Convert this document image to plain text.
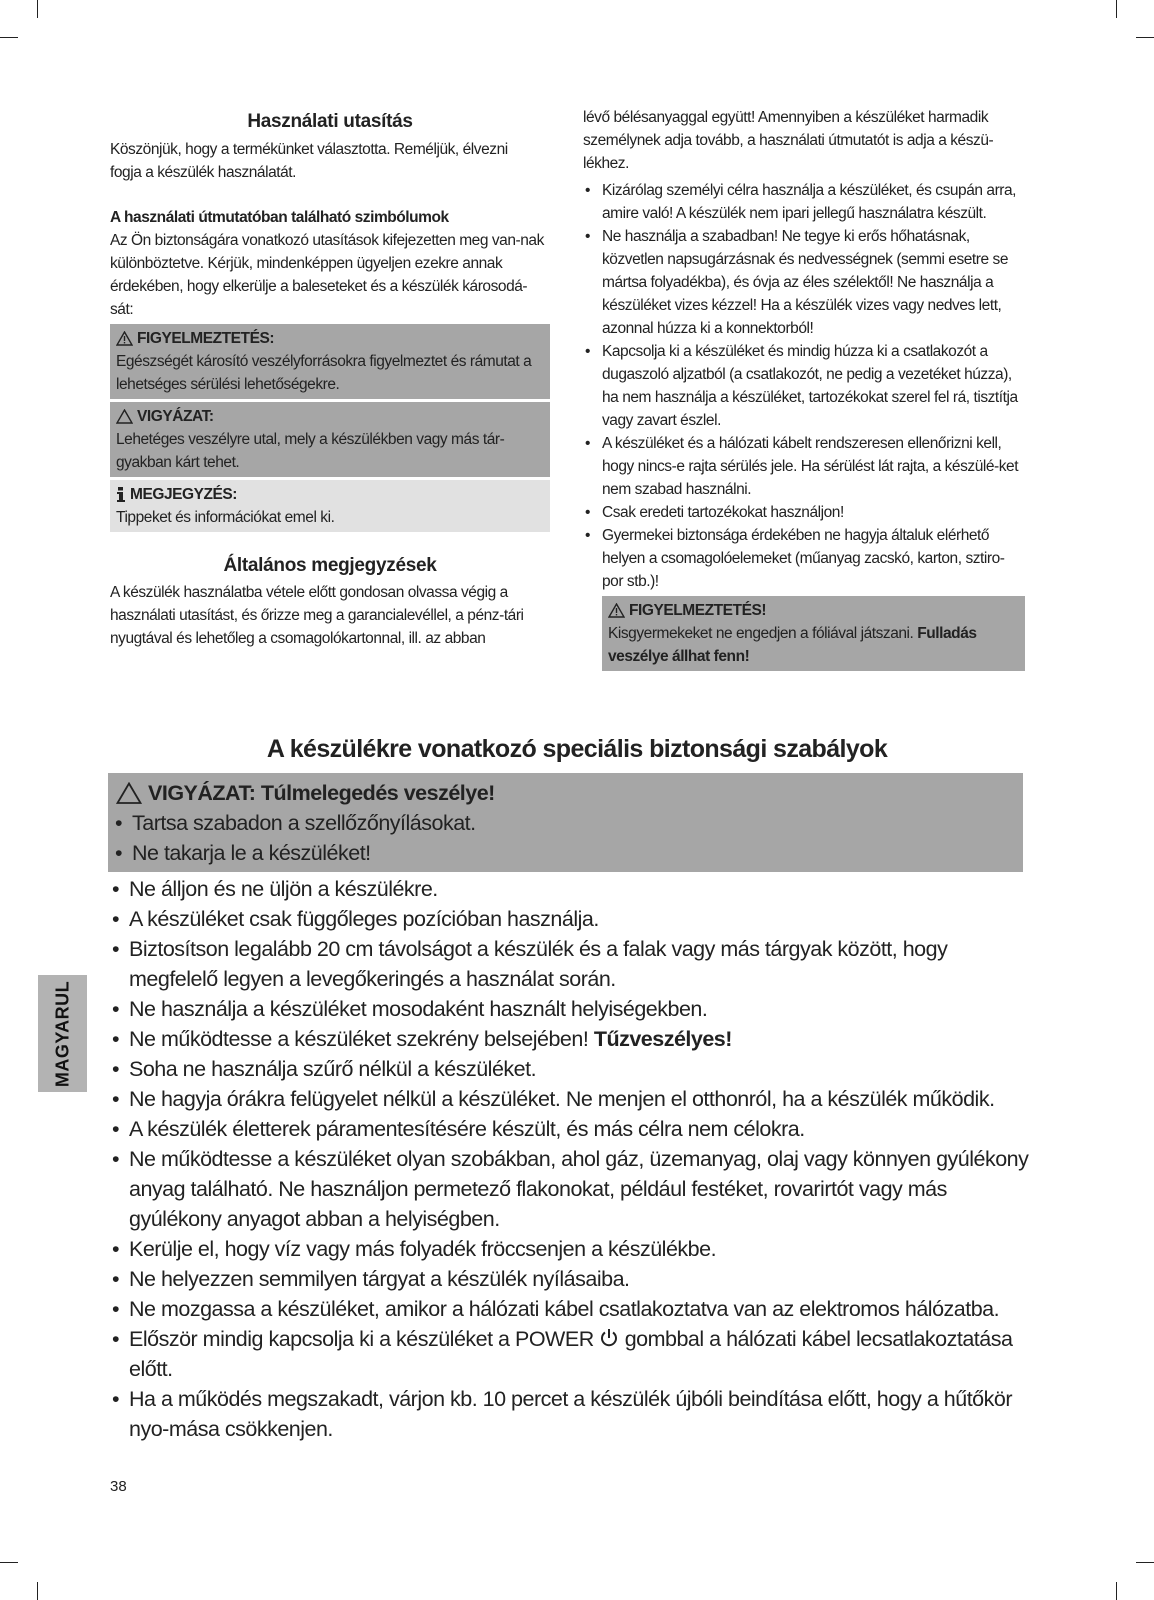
Használati utasítás

Köszönjük, hogy a termékünket választotta. Reméljük, élvezni fogja a készülék használatát.

A használati útmutatóban található szimbólumok

Az Ön biztonságára vonatkozó utasítások kifejezetten meg van-nak különböztetve. Kérjük, mindenképpen ügyeljen ezekre annak érdekében, hogy elkerülje a baleseteket és a készülék károsodá-sát:

FIGYELMEZTETÉS:

Egészségét károsító veszélyforrásokra figyelmeztet és rámutat a lehetséges sérülési lehetőségekre.

VIGYÁZAT:

Lehetéges veszélyre utal, mely a készülékben vagy más tár-gyakban kárt tehet.

MEGJEGYZÉS:

Tippeket és információkat emel ki.

Általános megjegyzések

A készülék használatba vétele előtt gondosan olvassa végig a használati utasítást, és őrizze meg a garancialevéllel, a pénz-tári nyugtával és lehetőleg a csomagolókartonnal, ill. az abban

lévő bélésanyaggal együtt! Amennyiben a készüléket harmadik személynek adja tovább, a használati útmutatót is adja a készü-lékhez.

• Kizárólag személyi célra használja a készüléket, és csupán arra, amire való! A készülék nem ipari jellegű használatra készült.
• Ne használja a szabadban! Ne tegye ki erős hőhatásnak, közvetlen napsugárzásnak és nedvességnek (semmi esetre se mártsa folyadékba), és óvja az éles szélektől! Ne használja a készüléket vizes kézzel! Ha a készülék vizes vagy nedves lett, azonnal húzza ki a konnektorból!
• Kapcsolja ki a készüléket és mindig húzza ki a csatlakozót a dugaszoló aljzatból (a csatlakozót, ne pedig a vezetéket húzza), ha nem használja a készüléket, tartozékokat szerel fel rá, tisztítja vagy zavart észlel.
• A készüléket és a hálózati kábelt rendszeresen ellenőrizni kell, hogy nincs-e rajta sérülés jele. Ha sérülést lát rajta, a készülé-ket nem szabad használni.
• Csak eredeti tartozékokat használjon!
• Gyermekei biztonsága érdekében ne hagyja általuk elérhető helyen a csomagolóelemeket (műanyag zacskó, karton, sztiro-por stb.)!
FIGYELMEZTETÉS!

Kisgyermekeket ne engedjen a fóliával játszani. Fulladás veszélye állhat fenn!

A készülékre vonatkozó speciális biztonsági szabályok
VIGYÁZAT: Túlmelegedés veszélye!
• Tartsa szabadon a szellőzőnyílásokat.
• Ne takarja le a készüléket!
• Ne álljon és ne üljön a készülékre.
• A készüléket csak függőleges pozícióban használja.
• Biztosítson legalább 20 cm távolságot a készülék és a falak vagy más tárgyak között, hogy megfelelő legyen a levegőkeringés a használat során.
• Ne használja a készüléket mosodaként használt helyiségekben.
• Ne működtesse a készüléket szekrény belsejében! Tűzveszélyes!
• Soha ne használja szűrő nélkül a készüléket.
• Ne hagyja órákra felügyelet nélkül a készüléket. Ne menjen el otthonról, ha a készülék működik.
• A készülék életterek páramentesítésére készült, és más célra nem célokra.
• Ne működtesse a készüléket olyan szobákban, ahol gáz, üzemanyag, olaj vagy könnyen gyúlékony anyag található. Ne használjon permetező flakonokat, például festéket, rovarirtót vagy más gyúlékony anyagot abban a helyiségben.
• Kerülje el, hogy víz vagy más folyadék fröccsenjen a készülékbe.
• Ne helyezzen semmilyen tárgyat a készülék nyílásaiba.
• Ne mozgassa a készüléket, amikor a hálózati kábel csatlakoztatva van az elektromos hálózatba.
• Először mindig kapcsolja ki a készüléket a POWER gombbal a hálózati kábel lecsatlakoztatása előtt.
• Ha a működés megszakadt, várjon kb. 10 percet a készülék újbóli beindítása előtt, hogy a hűtőkör nyo-mása csökkenjen.
MAGYARUL
38
